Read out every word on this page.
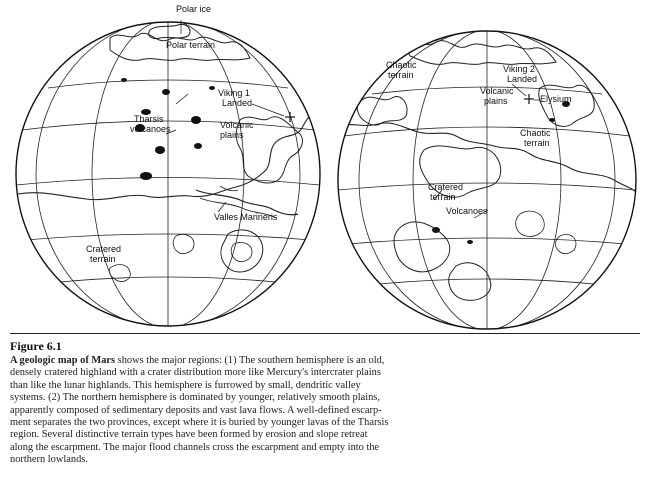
Polar ice
Polar terrain
Viking 1
Landed
Tharsis
volcanoes	Volcanic
plains
Valles Marineris
Cratered
terrain
Chaotic
terrain
Viking 2
Landed
Volcanic
plains	Elysium
Chaotic
terrain
Cratered
terrain
Volcanoes
Figure 6.1
A geologic map of Mars shows the major regions: (1) The southern hemisphere is an old,
densely cratered highland with a crater distribution more like Mercury's intercrater plains
than like the lunar highlands. This hemisphere is furrowed by small, dendritic valley
systems. (2) The northern hemisphere is dominated by younger, relatively smooth plains,
apparently composed of sedimentary deposits and vast lava flows. A well-defined escarp-
ment separates the two provinces, except where it is buried by younger lavas of the Tharsis
region. Several distinctive terrain types have been formed by erosion and slope retreat
along the escarpment. The major flood channels cross the escarpment and empty into the
northern lowlands.
